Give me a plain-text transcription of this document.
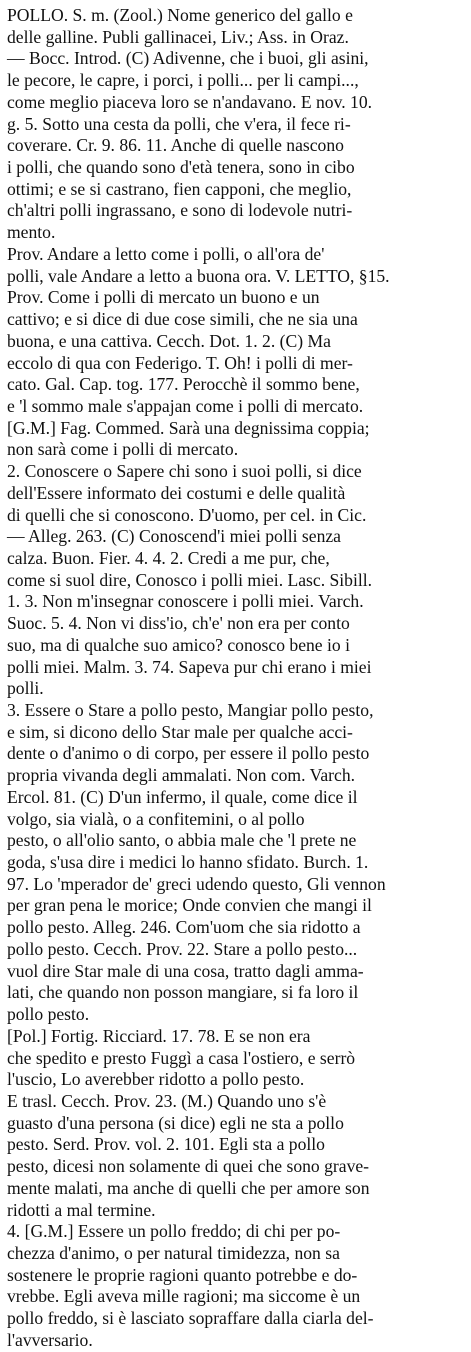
POLLO. S. m. (Zool.) Nome generico del gallo e
delle galline. Publi gallinacei, Liv.; Ass. in Oraz.
— Bocc. Introd. (C) Adivenne, che i buoi, gli asini,
le pecore, le capre, i porci, i polli... per li campi...,
come meglio piaceva loro se n'andavano. E nov. 10.
g. 5. Sotto una cesta da polli, che v'era, il fece ri-
coverare. Cr. 9. 86. 11. Anche di quelle nascono
i polli, che quando sono d'età tenera, sono in cibo
ottimi; e se si castrano, fien capponi, che meglio,
ch'altri polli ingrassano, e sono di lodevole nutri-
mento.

Prov. Andare a letto come i polli, o all'ora de'
polli, vale Andare a letto a buona ora. V. LETTO, §15.

Prov. Come i polli di mercato un buono e un
cattivo; e si dice di due cose simili, che ne sia una
buona, e una cattiva. Cecch. Dot. 1. 2. (C) Ma
eccolo di qua con Federigo. T. Oh! i polli di mer-
cato. Gal. Cap. tog. 177. Perocchè il sommo bene,
e 'l sommo male s'appajan come i polli di mercato.
[G.M.] Fag. Commed. Sarà una degnissima coppia;
non sarà come i polli di mercato.

2. Conoscere o Sapere chi sono i suoi polli, si dice
dell'Essere informato dei costumi e delle qualità
di quelli che si conoscono. D'uomo, per cel. in Cic.
— Alleg. 263. (C) Conoscend'i miei polli senza
calza. Buon. Fier. 4. 4. 2. Credi a me pur, che,
come si suol dire, Conosco i polli miei. Lasc. Sibill.
1. 3. Non m'insegnar conoscere i polli miei. Varch.
Suoc. 5. 4. Non vi diss'io, ch'e' non era per conto
suo, ma di qualche suo amico? conosco bene io i
polli miei. Malm. 3. 74. Sapeva pur chi erano i miei
polli.

3. Essere o Stare a pollo pesto, Mangiar pollo pesto,
e sim, si dicono dello Star male per qualche acci-
dente o d'animo o di corpo, per essere il pollo pesto
propria vivanda degli ammalati. Non com. Varch.
Ercol. 81. (C) D'un infermo, il quale, come dice il
volgo, sia vialà, o a confitemini, o al pollo
pesto, o all'olio santo, o abbia male che 'l prete ne
goda, s'usa dire i medici lo hanno sfidato. Burch. 1.
97. Lo 'mperador de' greci udendo questo, Gli vennon
per gran pena le morice; Onde convien che mangi il
pollo pesto. Alleg. 246. Com'uom che sia ridotto a
pollo pesto. Cecch. Prov. 22. Stare a pollo pesto...
vuol dire Star male di una cosa, tratto dagli amma-
lati, che quando non posson mangiare, si fa loro il
pollo pesto.

[Pol.] Fortig. Ricciard. 17. 78. E se non era
che spedito e presto Fuggì a casa l'ostiero, e serrò
l'uscio, Lo averebber ridotto a pollo pesto.

E trasl. Cecch. Prov. 23. (M.) Quando uno s'è
guasto d'una persona (si dice) egli ne sta a pollo
pesto. Serd. Prov. vol. 2. 101. Egli sta a pollo
pesto, dicesi non solamente di quei che sono grave-
mente malati, ma anche di quelli che per amore son
ridotti a mal termine.

4. [G.M.] Essere un pollo freddo; di chi per po-
chezza d'animo, o per natural timidezza, non sa
sostenere le proprie ragioni quanto potrebbe e do-
vrebbe. Egli aveva mille ragioni; ma siccome è un
pollo freddo, si è lasciato sopraffare dalla ciarla del-
l'avversario.
